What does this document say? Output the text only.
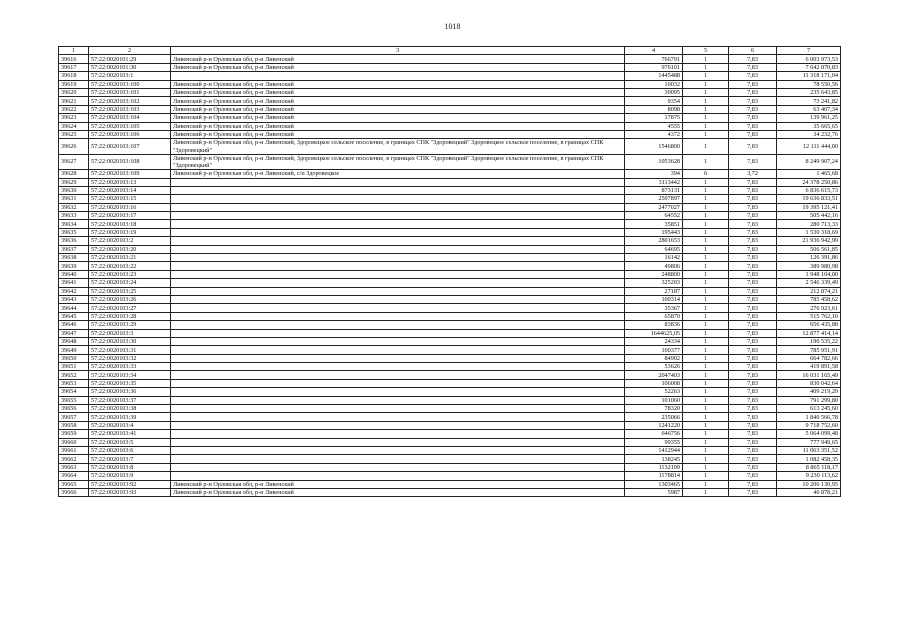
1018
1	2	3	4	5	6	7
39616	57:22:0020101:29	Ливенский р-н Орловская обл, р-н Ливенский	766791	1	7,83	6 003 973,53
39617	57:22:0020101:30	Ливенский р-н Орловская обл, р-н Ливенский	976101	1	7,83	7 642 870,83
39618	57:22:0020103:1		1445488	1	7,83	11 318 171,04
39619	57:22:0020103:100	Ливенский р-н Орловская обл, р-н Ливенский	10032	1	7,83	78 550,56
39620	57:22:0020103:101	Ливенский р-н Орловская обл, р-н Ливенский	30095	1	7,83	235 643,85
39621	57:22:0020103:102	Ливенский р-н Орловская обл, р-н Ливенский	9354	1	7,83	73 241,82
39622	57:22:0020103:103	Ливенский р-н Орловская обл, р-н Ливенский	8098	1	7,83	63 407,34
39623	57:22:0020103:104	Ливенский р-н Орловская обл, р-н Ливенский	17875	1	7,83	139 961,25
39624	57:22:0020103:105	Ливенский р-н Орловская обл, р-н Ливенский	4555	1	7,83	35 665,65
39625	57:22:0020103:106	Ливенский р-н Орловская обл, р-н Ливенский	4372	1	7,83	34 232,76
39626	57:22:0020103:107	Ливенский р-н Орловская обл, р-н Ливенский, Здоровецкое сельское поселение, в границах СПК "Здоровецкий" Здоровецкое сельское поселение, в границах СПК "Здоровецкий"	1546800	1	7,83	12 111 444,00
39627	57:22:0020103:108	Ливенский р-н Орловская обл, р-н Ливенский, Здоровецкое сельское поселение, в границах СПК "Здоровецкий" Здоровецкое сельское поселение, в границах СПК "Здоровецкий"	1053628	1	7,83	8 249 907,24
39628	57:22:0020103:109	Ливенский р-н Орловская обл, р-н Ливенский, с/п Здоровецкое	394	6	3,72	1 465,68
39629	57:22:0020103:13		3113442	1	7,83	24 378 250,86
39630	57:22:0020103:14		873131	1	7,83	6 836 615,73
39631	57:22:0020103:15		2507897	1	7,83	19 636 833,51
39632	57:22:0020103:16		2477027	1	7,83	19 395 121,41
39633	57:22:0020103:17		64552	1	7,83	505 442,16
39634	57:22:0020103:18		35851	1	7,83	280 713,33
39635	57:22:0020103:19		195443	1	7,83	1 530 318,69
39636	57:22:0020103:2		2801653	1	7,83	21 936 942,99
39637	57:22:0020103:20		64695	1	7,83	506 561,85
39638	57:22:0020103:21		16142	1	7,83	126 391,86
39639	57:22:0020103:22		49806	1	7,83	389 980,98
39640	57:22:0020103:23		248800	1	7,83	1 948 104,00
39641	57:22:0020103:24		325203	1	7,83	2 546 339,49
39642	57:22:0020103:25		27187	1	7,83	212 874,21
39643	57:22:0020103:26		100314	1	7,83	785 458,62
39644	57:22:0020103:27		35367	1	7,83	276 923,61
39645	57:22:0020103:28		65870	1	7,83	515 762,10
39646	57:22:0020103:29		83836	1	7,83	656 435,88
39647	57:22:0020103:3		1644625,05	1	7,83	12 877 414,14
39648	57:22:0020103:30		24334	1	7,83	190 535,22
39649	57:22:0020103:31		100377	1	7,83	785 951,91
39650	57:22:0020103:32		84902	1	7,83	664 782,66
39651	57:22:0020103:33		53626	1	7,83	419 891,58
39652	57:22:0020103:34		2047403	1	7,83	16 031 165,49
39653	57:22:0020103:35		106008	1	7,83	830 042,64
39654	57:22:0020103:36		52263	1	7,83	409 219,29
39655	57:22:0020103:37		101060	1	7,83	791 299,80
39656	57:22:0020103:38		78320	1	7,83	613 245,60
39657	57:22:0020103:39		235066	1	7,83	1 840 566,78
39658	57:22:0020103:4		1241220	1	7,83	9 718 752,60
39659	57:22:0020103:41		646756	1	7,83	5 064 099,48
39660	57:22:0020103:5		99355	1	7,83	777 949,65
39661	57:22:0020103:6		1412944	1	7,83	11 063 351,52
39662	57:22:0020103:7		138245	1	7,83	1 082 458,35
39663	57:22:0020103:8		1132199	1	7,83	8 865 118,17
39664	57:22:0020103:9		1178814	1	7,83	9 230 113,62
39665	57:22:0020103:92	Ливенский р-н Орловская обл, р-н Ливенский	1303465	1	7,83	10 206 130,95
39666	57:22:0020103:93	Ливенский р-н Орловская обл, р-н Ливенский	5987	1	7,83	46 878,21
